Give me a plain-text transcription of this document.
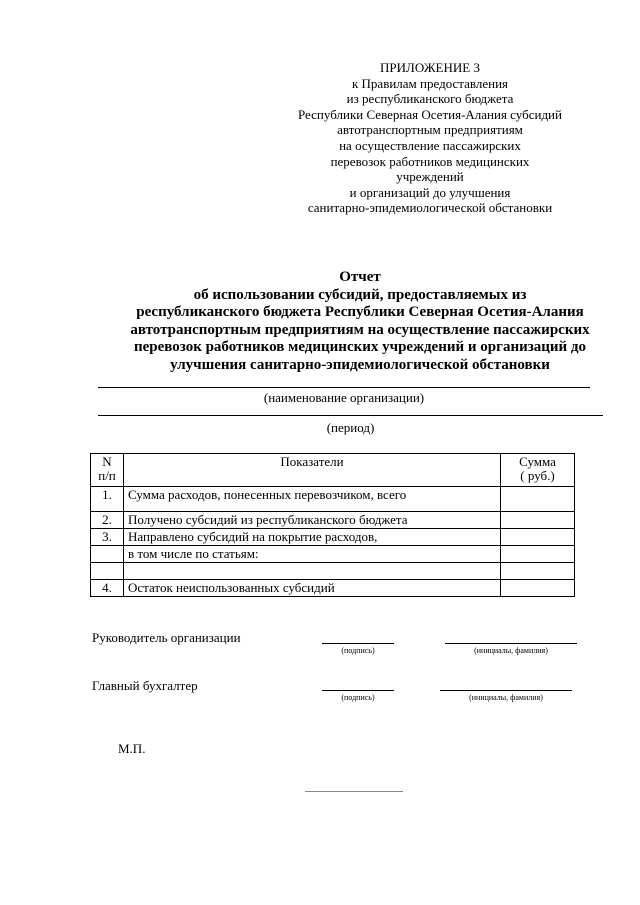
ПРИЛОЖЕНИЕ 3
к Правилам предоставления
из республиканского бюджета
Республики Северная Осетия-Алания субсидий
автотранспортным предприятиям
на осуществление пассажирских
перевозок работников медицинских
учреждений
и организаций до улучшения
санитарно-эпидемиологической обстановки
Отчет
об использовании субсидий, предоставляемых из
республиканского бюджета Республики Северная Осетия-Алания
автотранспортным предприятиям на осуществление пассажирских
перевозок работников медицинских учреждений и организаций до
улучшения санитарно-эпидемиологической обстановки
(наименование организации)
(период)
N
п/п	Показатели	Сумма
( руб.)
1.	Сумма расходов, понесенных перевозчиком, всего	
2.	Получено субсидий из республиканского бюджета	
3.	Направлено субсидий на покрытие расходов,	
	в том числе по статьям:	

4.	Остаток неиспользованных субсидий	
Руководитель организации
(подпись)	(инициалы, фамилия)
Главный бухгалтер
(подпись)	(инициалы, фамилия)
М.П.
